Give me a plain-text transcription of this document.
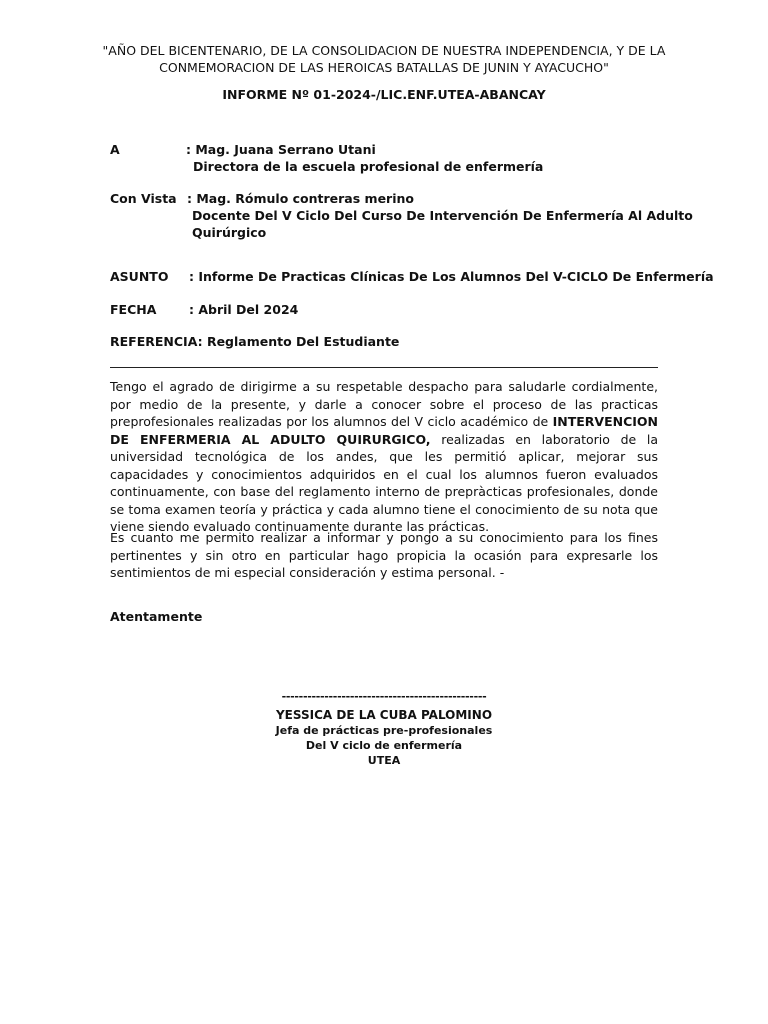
"AÑO DEL BICENTENARIO, DE LA CONSOLIDACION DE NUESTRA INDEPENDENCIA, Y DE LA

CONMEMORACION DE LAS HEROICAS BATALLAS DE JUNIN Y AYACUCHO"

INFORME Nº 01-2024-/LIC.ENF.UTEA-ABANCAY

A	: Mag. Juana Serrano Utani
Directora de la escuela profesional de enfermería
Con Vista : Mag. Rómulo contreras merino
Docente Del V Ciclo Del Curso De Intervención De Enfermería Al Adulto
Quirúrgico
ASUNTO : Informe De Practicas Clínicas De Los Alumnos Del V-CICLO De Enfermería
FECHA	: Abril Del 2024
REFERENCIA: Reglamento Del Estudiante

Tengo el agrado de dirigirme a su respetable despacho para saludarle cordialmente, por medio de la presente, y darle a conocer sobre el proceso de las practicas preprofesionales realizadas por los alumnos del V ciclo académico de INTERVENCION DE ENFERMERIA AL ADULTO QUIRURGICO, realizadas en laboratorio de la universidad tecnológica de los andes, que les permitió aplicar, mejorar sus capacidades y conocimientos adquiridos en el cual los alumnos fueron evaluados continuamente, con base del reglamento interno de prepràcticas profesionales, donde se toma examen teoría y práctica y cada alumno tiene el conocimiento de su nota que viene siendo evaluado continuamente durante las prácticas.

Es cuanto me permito realizar a informar y pongo a su conocimiento para los fines pertinentes y sin otro en particular hago propicia la ocasión para expresarle los sentimientos de mi especial consideración y estima personal. -

Atentamente
------------------------------------------------
YESSICA DE LA CUBA PALOMINO
Jefa de prácticas pre-profesionales
Del V ciclo de enfermería
UTEA
